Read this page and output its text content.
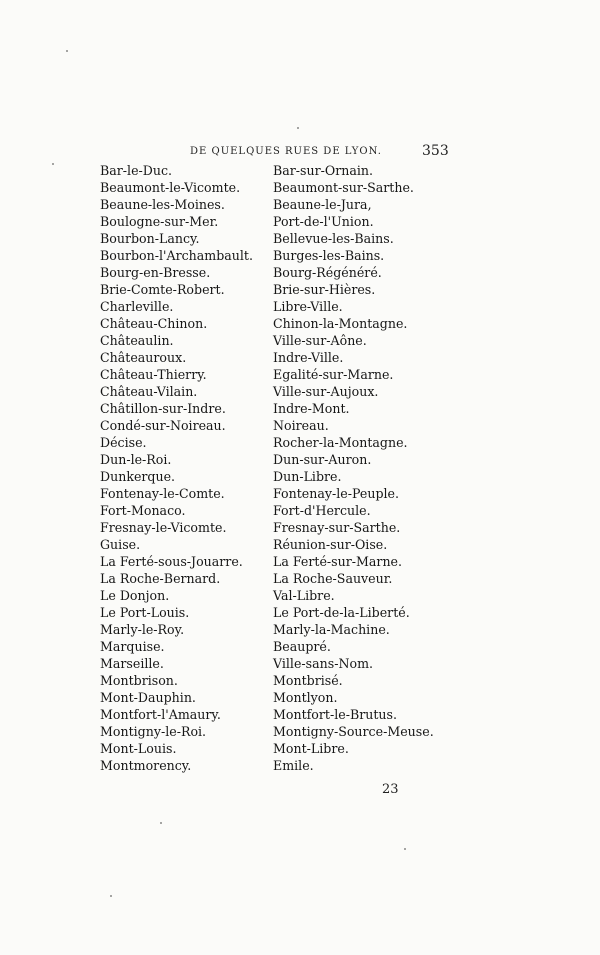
DE QUELQUES RUES DE LYON.	353
Bar-le-Duc.
Beaumont-le-Vicomte.
Beaune-les-Moines.
Boulogne-sur-Mer.
Bourbon-Lancy.
Bourbon-l'Archambault.
Bourg-en-Bresse.
Brie-Comte-Robert.
Charleville.
Château-Chinon.
Châteaulin.
Châteauroux.
Château-Thierry.
Château-Vilain.
Châtillon-sur-Indre.
Condé-sur-Noireau.
Décise.
Dun-le-Roi.
Dunkerque.
Fontenay-le-Comte.
Fort-Monaco.
Fresnay-le-Vicomte.
Guise.
La Ferté-sous-Jouarre.
La Roche-Bernard.
Le Donjon.
Le Port-Louis.
Marly-le-Roy.
Marquise.
Marseille.
Montbrison.
Mont-Dauphin.
Montfort-l'Amaury.
Montigny-le-Roi.
Mont-Louis.
Montmorency.
Bar-sur-Ornain.
Beaumont-sur-Sarthe.
Beaune-le-Jura,
Port-de-l'Union.
Bellevue-les-Bains.
Burges-les-Bains.
Bourg-Régénéré.
Brie-sur-Hières.
Libre-Ville.
Chinon-la-Montagne.
Ville-sur-Aône.
Indre-Ville.
Egalité-sur-Marne.
Ville-sur-Aujoux.
Indre-Mont.
Noireau.
Rocher-la-Montagne.
Dun-sur-Auron.
Dun-Libre.
Fontenay-le-Peuple.
Fort-d'Hercule.
Fresnay-sur-Sarthe.
Réunion-sur-Oise.
La Ferté-sur-Marne.
La Roche-Sauveur.
Val-Libre.
Le Port-de-la-Liberté.
Marly-la-Machine.
Beaupré.
Ville-sans-Nom.
Montbrisé.
Montlyon.
Montfort-le-Brutus.
Montigny-Source-Meuse.
Mont-Libre.
Emile.
23
